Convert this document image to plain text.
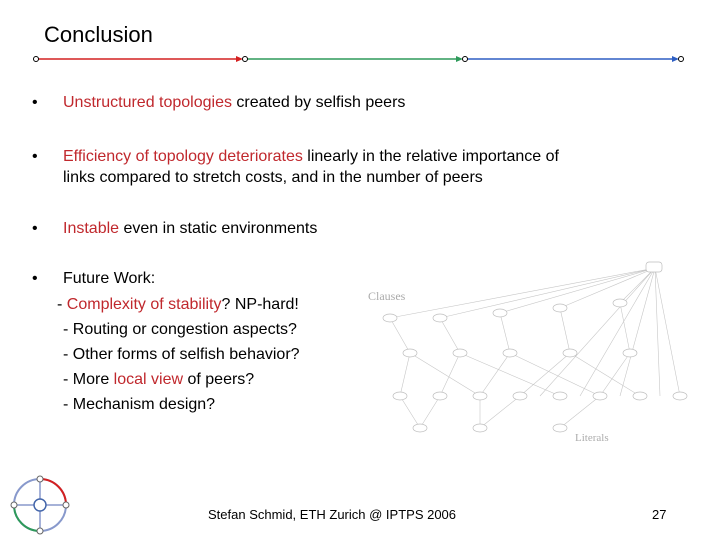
Conclusion
Clauses
Literals
•	Unstructured topologies created by selfish peers
•	Efficiency of topology deteriorates linearly in the relative importance of
links compared to stretch costs, and in the number of peers
•	Instable even in static environments
•	Future Work:
- Complexity of stability? NP-hard!
- Routing or congestion aspects?
- Other forms of selfish behavior?
- More local view of peers?
- Mechanism design?
Stefan Schmid, ETH Zurich @ IPTPS 2006	27
